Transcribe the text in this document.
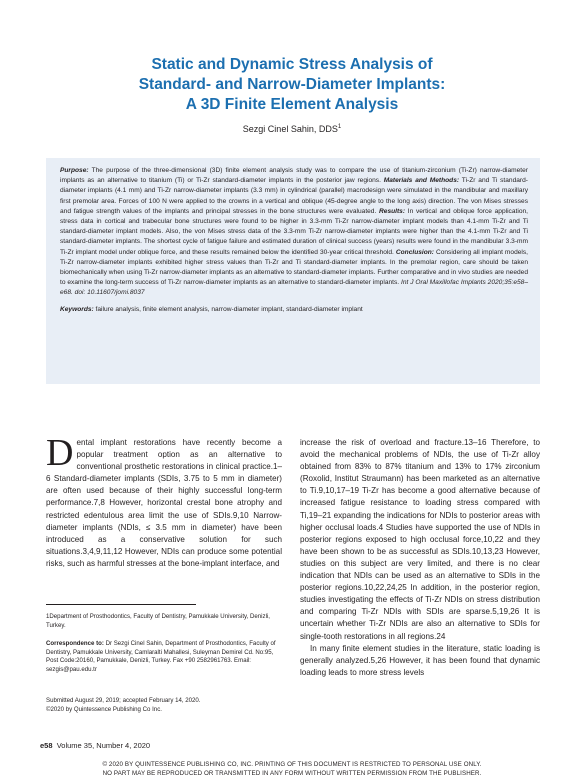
Static and Dynamic Stress Analysis of
Standard- and Narrow-Diameter Implants:
A 3D Finite Element Analysis
Sezgi Cinel Sahin, DDS$^1$
Purpose: The purpose of the three-dimensional (3D) finite element analysis study was to compare the use of titanium-zirconium (Ti-Zr) narrow-diameter implants as an alternative to titanium (Ti) or Ti-Zr standard-diameter implants in the posterior jaw regions. Materials and Methods: Ti-Zr and Ti standard-diameter implants (4.1 mm) and Ti-Zr narrow-diameter implants (3.3 mm) in cylindrical (parallel) macrodesign were simulated in the mandibular and maxillary first premolar area. Forces of 100 N were applied to the crowns in a vertical and oblique (45-degree angle to the long axis) direction. The von Mises stresses and fatigue strength values of the implants and principal stresses in the bone structures were evaluated. Results: In vertical and oblique force application, stress data in cortical and trabecular bone structures were found to be higher in 3.3-mm Ti-Zr narrow-diameter implant models than 4.1-mm Ti-Zr and Ti standard-diameter implant models. Also, the von Mises stress data of the 3.3-mm Ti-Zr narrow-diameter implants were higher than the 4.1-mm Ti-Zr and Ti standard-diameter implants. The shortest cycle of fatigue failure and estimated duration of clinical success (years) results were found in the mandibular 3.3-mm Ti-Zr implant model under oblique force, and these results remained below the identified 30-year critical threshold. Conclusion: Considering all implant models, Ti-Zr narrow-diameter implants exhibited higher stress values than Ti-Zr and Ti standard-diameter implants. In the premolar region, care should be taken biomechanically when using Ti-Zr narrow-diameter implants as an alternative to standard-diameter implants. Further comparative and in vivo studies are needed to examine the long-term success of Ti-Zr narrow-diameter implants as an alternative to standard-diameter implants. Int J Oral Maxillofac Implants 2020;35:e58–e68. doi: 10.11607/jomi.8037
Keywords: failure analysis, finite element analysis, narrow-diameter implant, standard-diameter implant

Dental implant restorations have recently become a popular treatment option as an alternative to conventional prosthetic restorations in clinical practice.1–6 Standard-diameter implants (SDIs, 3.75 to 5 mm in diameter) are often used because of their highly successful long-term performance.7,8 However, horizontal crestal bone atrophy and restricted edentulous area limit the use of SDIs.9,10 Narrow-diameter implants (NDIs, ≤ 3.5 mm in diameter) have been introduced as a conservative solution for such situations.3,4,9,11,12 However, NDIs can produce some potential risks, such as harmful stresses at the bone-implant interface, and

1Department of Prosthodontics, Faculty of Dentistry, Pamukkale University, Denizli, Turkey.
Correspondence to: Dr Sezgi Cinel Sahin, Department of Prosthodontics, Faculty of Dentistry, Pamukkale University, Camlaralti Mahallesi, Suleyman Demirel Cd. No:95, Post Code:20160, Pamukkale, Denizli, Turkey. Fax +90 2582961763. Email: sezgis@pau.edu.tr
Submitted August 29, 2019; accepted February 14, 2020.
©2020 by Quintessence Publishing Co Inc.

increase the risk of overload and fracture.13–16 Therefore, to avoid the mechanical problems of NDIs, the use of Ti-Zr alloy obtained from 83% to 87% titanium and 13% to 17% zirconium (Roxolid, Institut Straumann) has been marketed as an alternative to Ti.9,10,17–19 Ti-Zr has become a good alternative because of increased fatigue resistance to loading stress compared with Ti,19–21 expanding the indications for NDIs to posterior areas with higher occlusal loads.4 Studies have supported the use of NDIs in posterior regions exposed to high occlusal force,10,22 and they have been shown to be as successful as SDIs.10,13,23 However, studies on this subject are very limited, and there is no clear indication that NDIs can be used as an alternative to SDIs in the posterior regions.10,22,24,25 In addition, in the posterior region, studies investigating the effects of Ti-Zr NDIs on stress distribution and comparing Ti-Zr NDIs with SDIs are sparse.5,19,26 It is uncertain whether Ti-Zr NDIs are also an alternative to SDIs for single-tooth restorations in all regions.24

In many finite element studies in the literature, static loading is generally analyzed.5,26 However, it has been found that dynamic loading leads to more stress levels

e58 Volume 35, Number 4, 2020
© 2020 BY QUINTESSENCE PUBLISHING CO, INC. PRINTING OF THIS DOCUMENT IS RESTRICTED TO PERSONAL USE ONLY.
NO PART MAY BE REPRODUCED OR TRANSMITTED IN ANY FORM WITHOUT WRITTEN PERMISSION FROM THE PUBLISHER.
